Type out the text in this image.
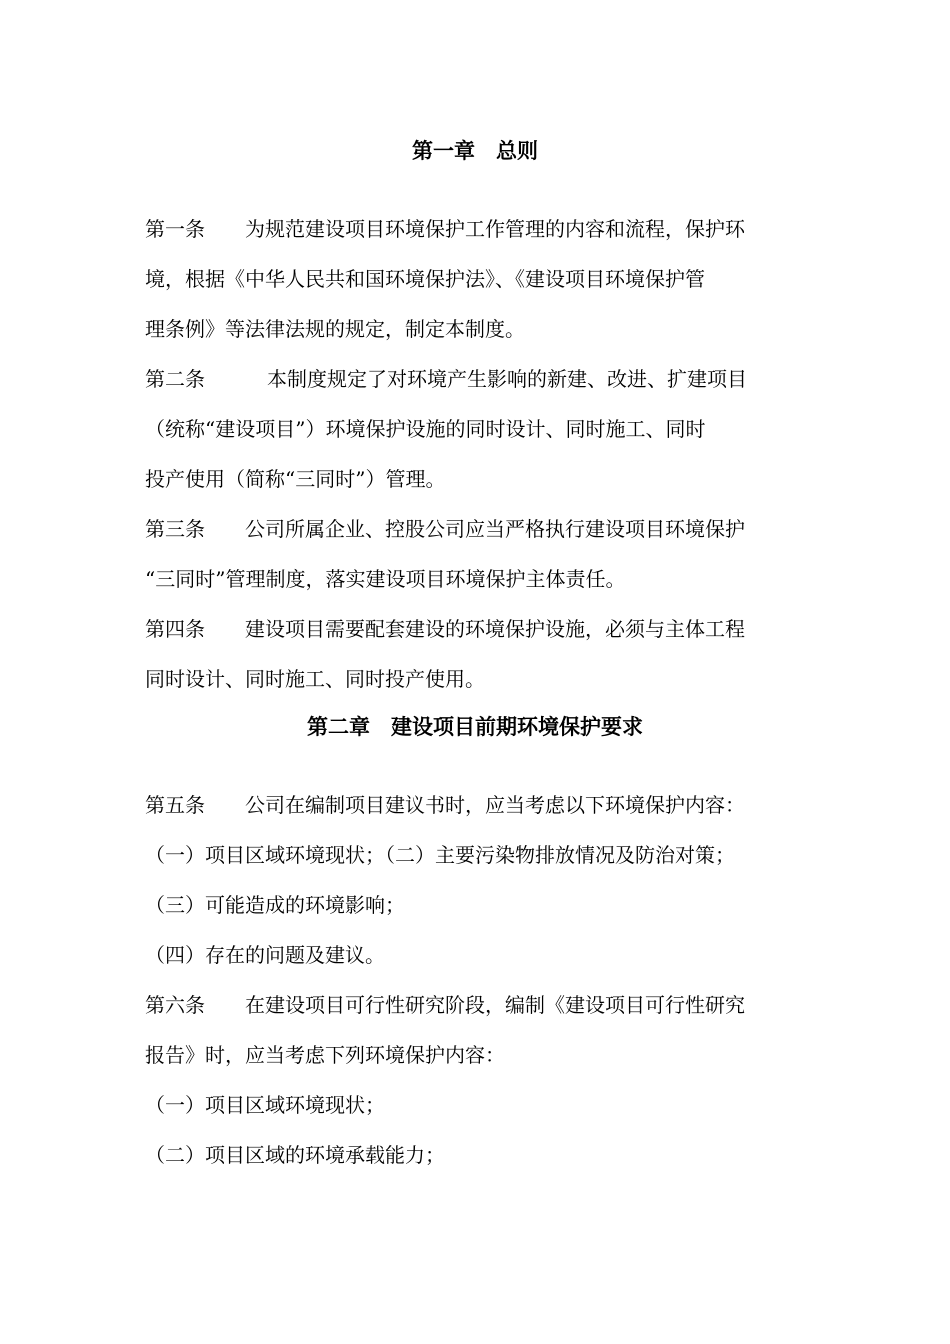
第一章　总则
第一条 为规范建设项目环境保护工作管理的内容和流程，保护环
境，根据《中华人民共和国环境保护法》、《建设项目环境保护管
理条例》等法律法规的规定，制定本制度。
第二条	本制度规定了对环境产生影响的新建、改进、扩建项目
（统称“建设项目”）环境保护设施的同时设计、同时施工、同时
投产使用（简称“三同时”）管理。
第三条 公司所属企业、控股公司应当严格执行建设项目环境保护
“三同时”管理制度，落实建设项目环境保护主体责任。
第四条 建设项目需要配套建设的环境保护设施，必须与主体工程
同时设计、同时施工、同时投产使用。
第二章　建设项目前期环境保护要求
第五条 公司在编制项目建议书时，应当考虑以下环境保护内容：
（一）项目区域环境现状；（二）主要污染物排放情况及防治对策；
（三）可能造成的环境影响；
（四）存在的问题及建议。
第六条 在建设项目可行性研究阶段，编制《建设项目可行性研究
报告》时，应当考虑下列环境保护内容：
（一）项目区域环境现状；
（二）项目区域的环境承载能力；
